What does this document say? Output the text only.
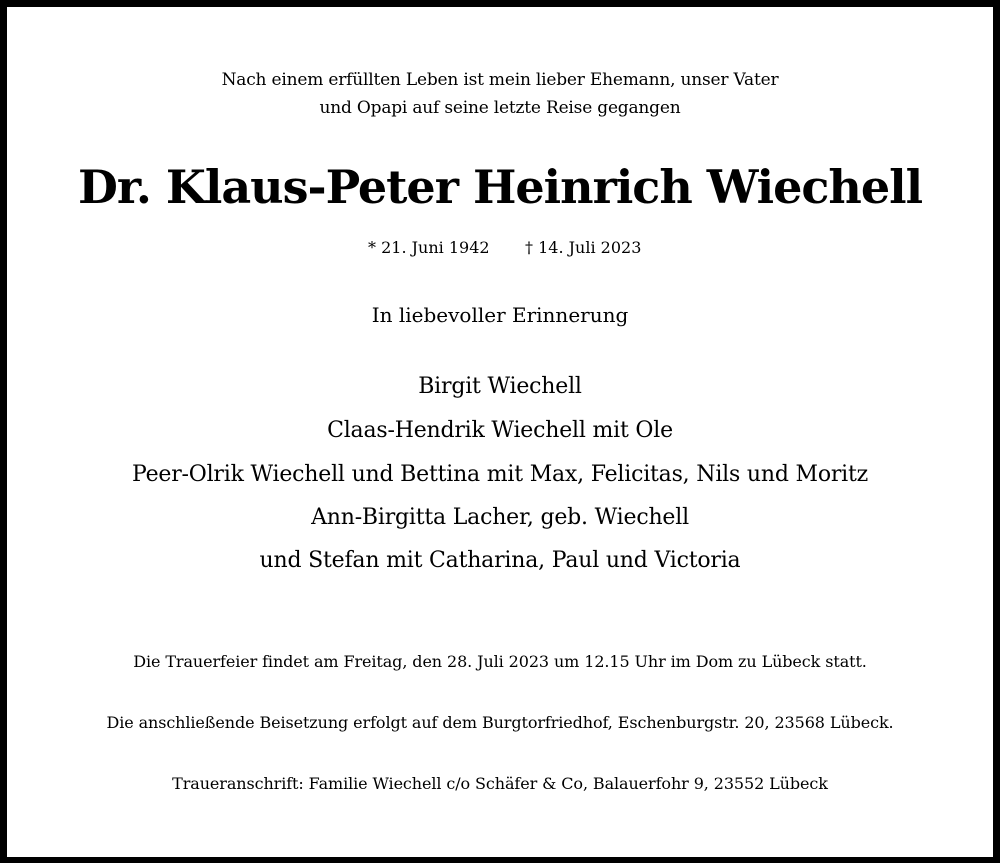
Nach einem erfüllten Leben ist mein lieber Ehemann, unser Vater
und Opapi auf seine letzte Reise gegangen
Dr. Klaus-Peter Heinrich Wiechell
* 21. Juni 1942 † 14. Juli 2023
In liebevoller Erinnerung
Birgit Wiechell
Claas-Hendrik Wiechell mit Ole
Peer-Olrik Wiechell und Bettina mit Max, Felicitas, Nils und Moritz
Ann-Birgitta Lacher, geb. Wiechell
und Stefan mit Catharina, Paul und Victoria
Die Trauerfeier findet am Freitag, den 28. Juli 2023 um 12.15 Uhr im Dom zu Lübeck statt.
Die anschließende Beisetzung erfolgt auf dem Burgtorfriedhof, Eschenburgstr. 20, 23568 Lübeck.
Traueranschrift: Familie Wiechell c/o Schäfer & Co, Balauerfohr 9, 23552 Lübeck
